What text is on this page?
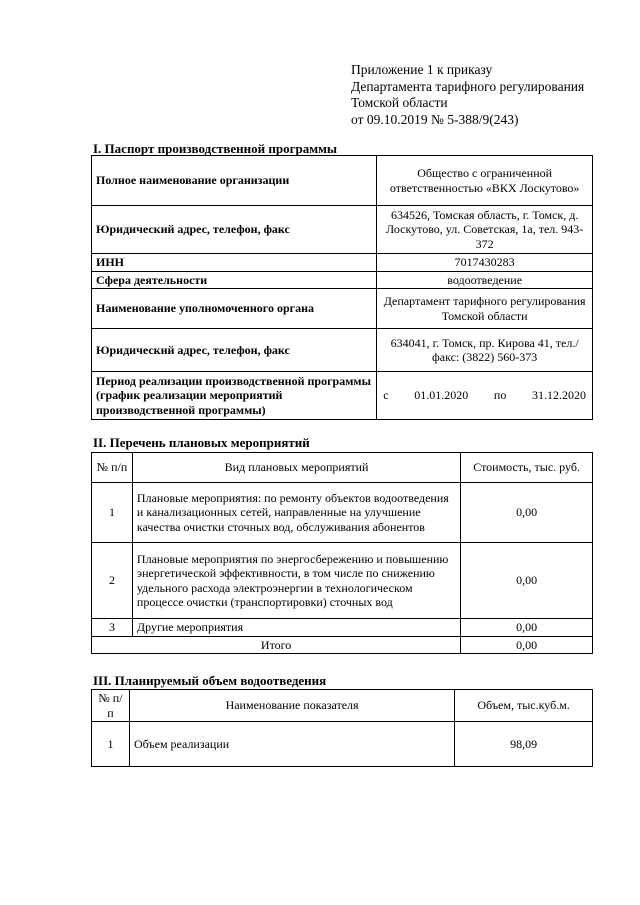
Приложение 1 к приказу
Департамента тарифного регулирования
Томской области
от 09.10.2019 № 5-388/9(243)
I. Паспорт производственной программы
Полное наименование организации	Общество с ограниченной ответственностью «ВКХ Лоскутово»
Юридический адрес, телефон, факс	634526, Томская область, г. Томск, д. Лоскутово, ул. Советская, 1а, тел. 943-372
ИНН	7017430283
Сфера деятельности	водоотведение
Наименование уполномоченного органа	Департамент тарифного регулирования Томской области
Юридический адрес, телефон, факс	634041, г. Томск, пр. Кирова 41, тел./факс: (3822) 560-373
Период реализации производственной программы (график реализации мероприятий производственной программы)	с 01.01.2020 по 31.12.2020
II. Перечень плановых мероприятий
№ п/п	Вид плановых мероприятий	Стоимость, тыс. руб.
1	Плановые мероприятия: по ремонту объектов водоотведения и канализационных сетей, направленные на улучшение качества очистки сточных вод, обслуживания абонентов	0,00
2	Плановые мероприятия по энергосбережению и повышению энергетической эффективности, в том числе по снижению удельного расхода электроэнергии в технологическом процессе очистки (транспортировки) сточных вод	0,00
3	Другие мероприятия	0,00
Итого		0,00
III. Планируемый объем водоотведения
№ п/п	Наименование показателя	Объем, тыс.куб.м.
1	Объем реализации	98,09
